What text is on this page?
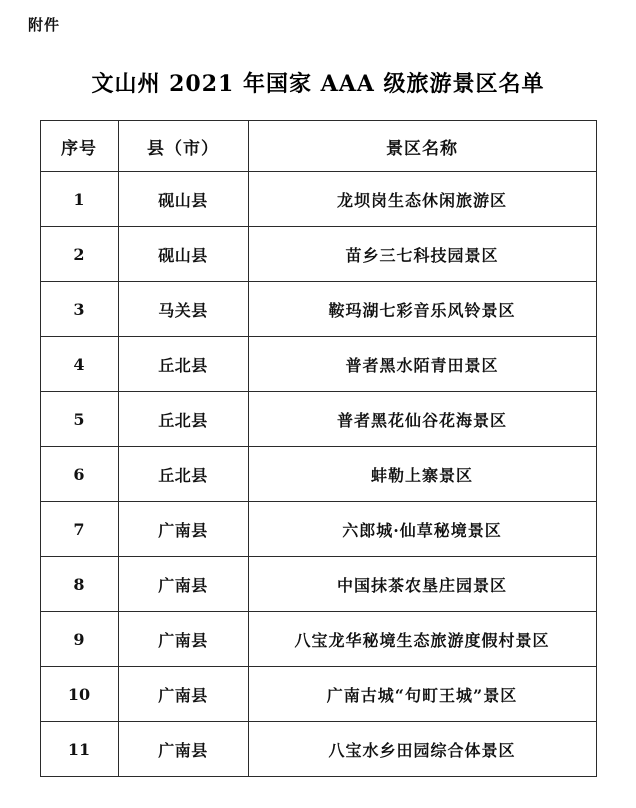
附件
文山州 2021 年国家 AAA 级旅游景区名单
序号	县（市）	景区名称
1	砚山县	龙坝岗生态休闲旅游区
2	砚山县	苗乡三七科技园景区
3	马关县	鞍玛湖七彩音乐风铃景区
4	丘北县	普者黑水陌青田景区
5	丘北县	普者黑花仙谷花海景区
6	丘北县	蚌勒上寨景区
7	广南县	六郎城·仙草秘境景区
8	广南县	中国抹茶农垦庄园景区
9	广南县	八宝龙华秘境生态旅游度假村景区
10	广南县	广南古城“句町王城”景区
11	广南县	八宝水乡田园综合体景区
